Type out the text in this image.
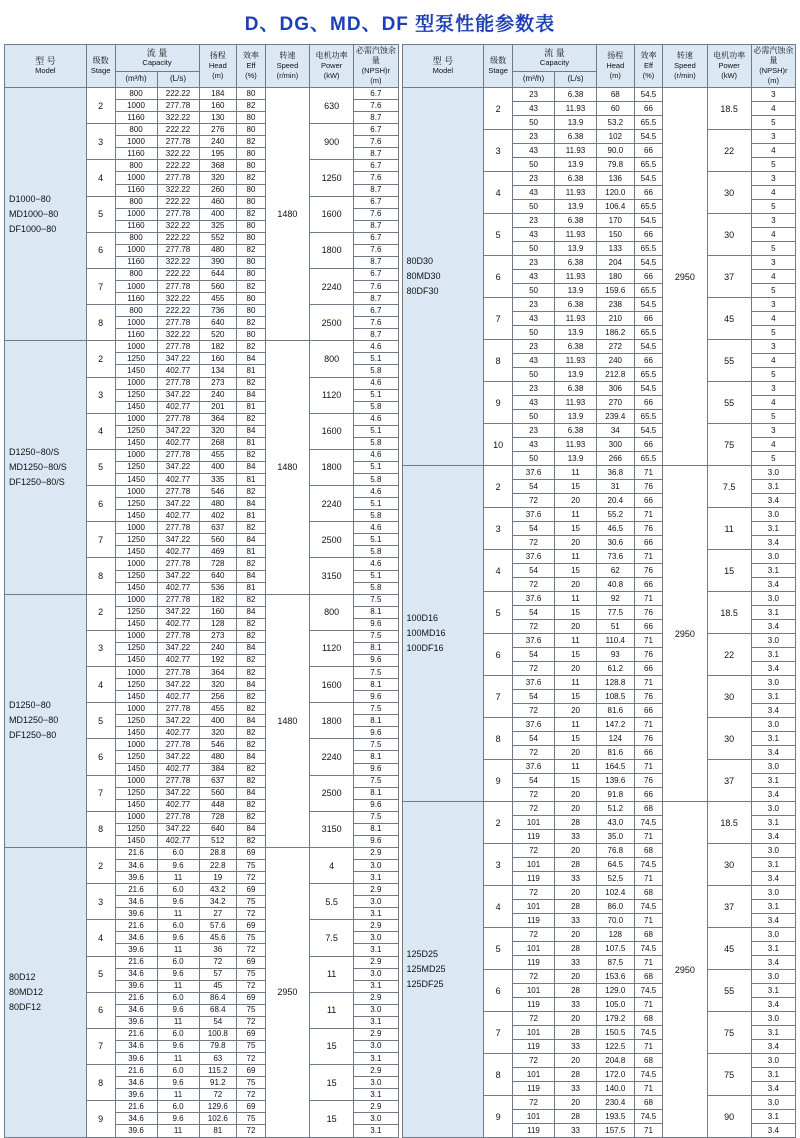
D、DG、MD、DF 型泵性能参数表
型 号
Model	级数
Stage	流 量
Capacity		扬程
Head
(m)	效率
Eff
(%)	转速
Speed
(r/min)	电机功率
Power
(kW)	必需汽蚀余量
(NPSH)r
(m)

		(m³/h)	(L/s)					

D1000−80
MD1000−80
DF1000−80	2	800	222.22	184	80	1480	630	6.7
		1000	277.78	160	82			7.6
		1160	322.22	130	80			8.7
	3	800	222.22	276	80		900	6.7
		1000	277.78	240	82			7.6
		1160	322.22	195	80			8.7
	4	800	222.22	368	80		1250	6.7
		1000	277.78	320	82			7.6
		1160	322.22	260	80			8.7
	5	800	222.22	460	80		1600	6.7
		1000	277.78	400	82			7.6
		1160	322.22	325	80			8.7
	6	800	222.22	552	80		1800	6.7
		1000	277.78	480	82			7.6
		1160	322.22	390	80			8.7
	7	800	222.22	644	80		2240	6.7
		1000	277.78	560	82			7.6
		1160	322.22	455	80			8.7
	8	800	222.22	736	80		2500	6.7
		1000	277.78	640	82			7.6
		1160	322.22	520	80			8.7

D1250−80/S
MD1250−80/S
DF1250−80/S	2	1000	277.78	182	82	1480	800	4.6
		1250	347.22	160	84			5.1
		1450	402.77	134	81			5.8
	3	1000	277.78	273	82		1120	4.6
		1250	347.22	240	84			5.1
		1450	402.77	201	81			5.8
	4	1000	277.78	364	82		1600	4.6
		1250	347.22	320	84			5.1
		1450	402.77	268	81			5.8
	5	1000	277.78	455	82		1800	4.6
		1250	347.22	400	84			5.1
		1450	402.77	335	81			5.8
	6	1000	277.78	546	82		2240	4.6
		1250	347.22	480	84			5.1
		1450	402.77	402	81			5.8
	7	1000	277.78	637	82		2500	4.6
		1250	347.22	560	84			5.1
		1450	402.77	469	81			5.8
	8	1000	277.78	728	82		3150	4.6
		1250	347.22	640	84			5.1
		1450	402.77	536	81			5.8

D1250−80
MD1250−80
DF1250−80	2	1000	277.78	182	82	1480	800	7.5
		1250	347.22	160	84			8.1
		1450	402.77	128	82			9.6
	3	1000	277.78	273	82		1120	7.5
		1250	347.22	240	84			8.1
		1450	402.77	192	82			9.6
	4	1000	277.78	364	82		1600	7.5
		1250	347.22	320	84			8.1
		1450	402.77	256	82			9.6
	5	1000	277.78	455	82		1800	7.5
		1250	347.22	400	84			8.1
		1450	402.77	320	82			9.6
	6	1000	277.78	546	82		2240	7.5
		1250	347.22	480	84			8.1
		1450	402.77	384	82			9.6
	7	1000	277.78	637	82		2500	7.5
		1250	347.22	560	84			8.1
		1450	402.77	448	82			9.6
	8	1000	277.78	728	82		3150	7.5
		1250	347.22	640	84			8.1
		1450	402.77	512	82			9.6

80D12
80MD12
80DF12	2	21.6	6.0	28.8	69	2950	4	2.9
		34.6	9.6	22.8	75			3.0
		39.6	11	19	72			3.1
	3	21.6	6.0	43.2	69		5.5	2.9
		34.6	9.6	34.2	75			3.0
		39.6	11	27	72			3.1
	4	21.6	6.0	57.6	69		7.5	2.9
		34.6	9.6	45.6	75			3.0
		39.6	11	36	72			3.1
	5	21.6	6.0	72	69		11	2.9
		34.6	9.6	57	75			3.0
		39.6	11	45	72			3.1
	6	21.6	6.0	86.4	69		11	2.9
		34.6	9.6	68.4	75			3.0
		39.6	11	54	72			3.1
	7	21.6	6.0	100.8	69		15	2.9
		34.6	9.6	79.8	75			3.0
		39.6	11	63	72			3.1
	8	21.6	6.0	115.2	69		15	2.9
		34.6	9.6	91.2	75			3.0
		39.6	11	72	72			3.1
	9	21.6	6.0	129.6	69		15	2.9
		34.6	9.6	102.6	75			3.0
		39.6	11	81	72			3.1
型 号
Model	级数
Stage	流 量
Capacity		扬程
Head
(m)	效率
Eff
(%)	转速
Speed
(r/min)	电机功率
Power
(kW)	必需汽蚀余量
(NPSH)r
(m)

		(m³/h)	(L/s)					

80D30
80MD30
80DF30	2	23	6.38	68	54.5	2950	18.5	3
		43	11.93	60	66			4
		50	13.9	53.2	65.5			5
	3	23	6.38	102	54.5		22	3
		43	11.93	90.0	66			4
		50	13.9	79.8	65.5			5
	4	23	6.38	136	54.5		30	3
		43	11.93	120.0	66			4
		50	13.9	106.4	65.5			5
	5	23	6.38	170	54.5		30	3
		43	11.93	150	66			4
		50	13.9	133	65.5			5
	6	23	6.38	204	54.5		37	3
		43	11.93	180	66			4
		50	13.9	159.6	65.5			5
	7	23	6.38	238	54.5		45	3
		43	11.93	210	66			4
		50	13.9	186.2	65.5			5
	8	23	6.38	272	54.5		55	3
		43	11.93	240	66			4
		50	13.9	212.8	65.5			5
	9	23	6.38	306	54.5		55	3
		43	11.93	270	66			4
		50	13.9	239.4	65.5			5
	10	23	6.38	34	54.5		75	3
		43	11.93	300	66			4
		50	13.9	266	65.5			5

100D16
100MD16
100DF16	2	37.6	11	36.8	71	2950	7.5	3.0
		54	15	31	76			3.1
		72	20	20.4	66			3.4
	3	37.6	11	55.2	71		11	3.0
		54	15	46.5	76			3.1
		72	20	30.6	66			3.4
	4	37.6	11	73.6	71		15	3.0
		54	15	62	76			3.1
		72	20	40.8	66			3.4
	5	37.6	11	92	71		18.5	3.0
		54	15	77.5	76			3.1
		72	20	51	66			3.4
	6	37.6	11	110.4	71		22	3.0
		54	15	93	76			3.1
		72	20	61.2	66			3.4
	7	37.6	11	128.8	71		30	3.0
		54	15	108.5	76			3.1
		72	20	81.6	66			3.4
	8	37.6	11	147.2	71		30	3.0
		54	15	124	76			3.1
		72	20	81.6	66			3.4
	9	37.6	11	164.5	71		37	3.0
		54	15	139.6	76			3.1
		72	20	91.8	66			3.4

125D25
125MD25
125DF25	2	72	20	51.2	68	2950	18.5	3.0
		101	28	43.0	74.5			3.1
		119	33	35.0	71			3.4
	3	72	20	76.8	68		30	3.0
		101	28	64.5	74.5			3.1
		119	33	52.5	71			3.4
	4	72	20	102.4	68		37	3.0
		101	28	86.0	74.5			3.1
		119	33	70.0	71			3.4
	5	72	20	128	68		45	3.0
		101	28	107.5	74.5			3.1
		119	33	87.5	71			3.4
	6	72	20	153.6	68		55	3.0
		101	28	129.0	74.5			3.1
		119	33	105.0	71			3.4
	7	72	20	179.2	68		75	3.0
		101	28	150.5	74.5			3.1
		119	33	122.5	71			3.4
	8	72	20	204.8	68		75	3.0
		101	28	172.0	74.5			3.1
		119	33	140.0	71			3.4
	9	72	20	230.4	68		90	3.0
		101	28	193.5	74.5			3.1
		119	33	157.5	71			3.4
